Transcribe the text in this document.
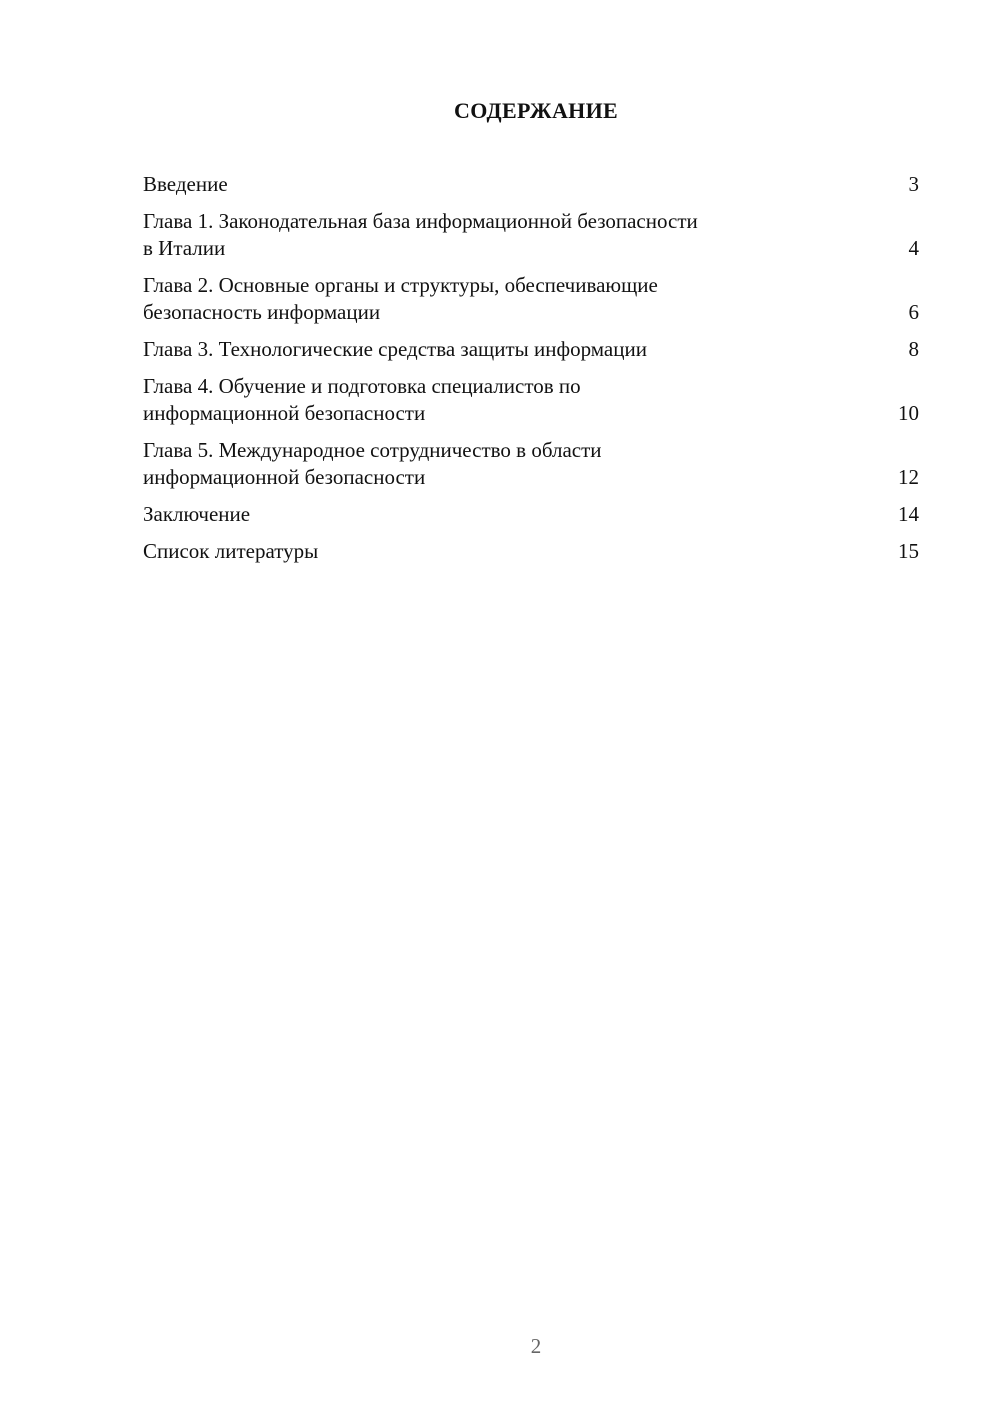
СОДЕРЖАНИЕ
Введение	3
Глава 1. Законодательная база информационной безопасности
в Италии	4
Глава 2. Основные органы и структуры, обеспечивающие
безопасность информации	6
Глава 3. Технологические средства защиты информации	8
Глава 4. Обучение и подготовка специалистов по
информационной безопасности	10
Глава 5. Международное сотрудничество в области
информационной безопасности	12
Заключение	14
Список литературы	15
2
